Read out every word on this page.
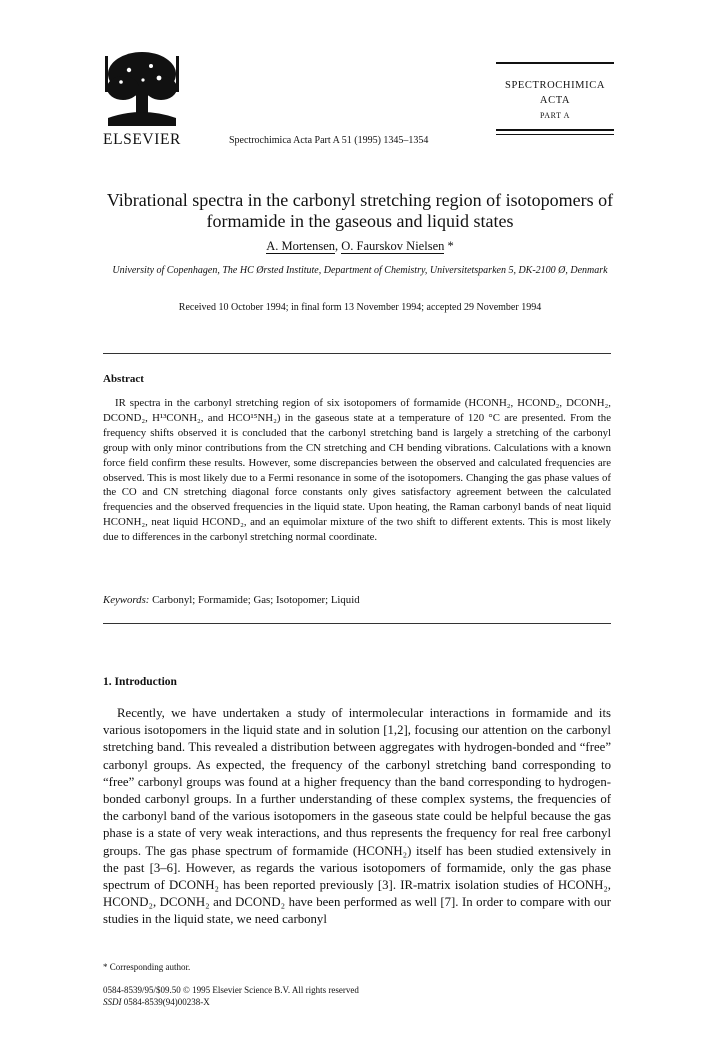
ELSEVIER	Spectrochimica Acta Part A 51 (1995) 1345–1354
SPECTROCHIMICA
ACTA
PART A
Vibrational spectra in the carbonyl stretching region of isotopomers of formamide in the gaseous and liquid states
A. Mortensen, O. Faurskov Nielsen *
University of Copenhagen, The HC Ørsted Institute, Department of Chemistry, Universitetsparken 5, DK-2100 Ø, Denmark
Received 10 October 1994; in final form 13 November 1994; accepted 29 November 1994
Abstract

IR spectra in the carbonyl stretching region of six isotopomers of formamide (HCONH₂, HCOND₂, DCONH₂, DCOND₂, H¹³CONH₂, and HCO¹⁵NH₂) in the gaseous state at a temperature of 120 °C are presented. From the frequency shifts observed it is concluded that the carbonyl stretching band is largely a stretching of the carbonyl group with only minor contributions from the CN stretching and CH bending vibrations. Calculations with a known force field confirm these results. However, some discrepancies between the observed and calculated frequencies are observed. This is most likely due to a Fermi resonance in some of the isotopomers. Changing the gas phase values of the CO and CN stretching diagonal force constants only gives satisfactory agreement between the calculated frequencies and the observed frequencies in the liquid state. Upon heating, the Raman carbonyl bands of neat liquid HCONH₂, neat liquid HCOND₂, and an equimolar mixture of the two shift to different extents. This is most likely due to differences in the carbonyl stretching normal coordinate.

Keywords: Carbonyl; Formamide; Gas; Isotopomer; Liquid
1. Introduction

Recently, we have undertaken a study of intermolecular interactions in formamide and its various isotopomers in the liquid state and in solution [1,2], focusing our attention on the carbonyl stretching band. This revealed a distribution between aggregates with hydrogen-bonded and “free” carbonyl groups. As expected, the frequency of the carbonyl stretching band corresponding to “free” carbonyl groups was found at a higher frequency than the band corresponding to hydrogen-bonded carbonyl groups. In a further understanding of these complex systems, the frequencies of the carbonyl band of the various isotopomers in the gaseous state could be helpful because the gas phase is a state of very weak interactions, and thus represents the frequency for real free carbonyl groups. The gas phase spectrum of formamide (HCONH₂) itself has been studied extensively in the past [3–6]. However, as regards the various isotopomers of formamide, only the gas phase spectrum of DCONH₂ has been reported previously [3]. IR-matrix isolation studies of HCONH₂, HCOND₂, DCONH₂ and DCOND₂ have been performed as well [7]. In order to compare with our studies in the liquid state, we need carbonyl

* Corresponding author.
0584-8539/95/$09.50 © 1995 Elsevier Science B.V. All rights reserved
SSDI 0584-8539(94)00238-X
